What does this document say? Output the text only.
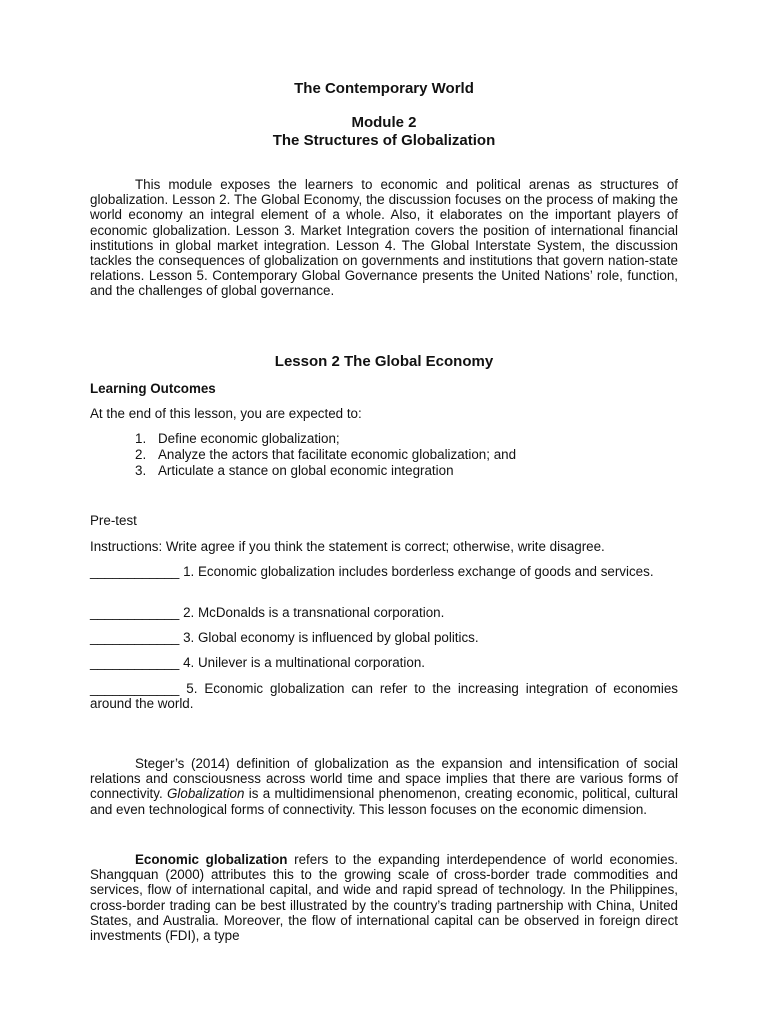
The Contemporary World
Module 2
The Structures of Globalization
This module exposes the learners to economic and political arenas as structures of globalization. Lesson 2. The Global Economy, the discussion focuses on the process of making the world economy an integral element of a whole. Also, it elaborates on the important players of economic globalization. Lesson 3. Market Integration covers the position of international financial institutions in global market integration. Lesson 4. The Global Interstate System, the discussion tackles the consequences of globalization on governments and institutions that govern nation-state relations. Lesson 5. Contemporary Global Governance presents the United Nations’ role, function, and the challenges of global governance.
Lesson 2 The Global Economy
Learning Outcomes
At the end of this lesson, you are expected to:
1. Define economic globalization;
2. Analyze the actors that facilitate economic globalization; and
3. Articulate a stance on global economic integration
Pre-test
Instructions: Write agree if you think the statement is correct; otherwise, write disagree.
____________ 1. Economic globalization includes borderless exchange of goods and services.
____________ 2. McDonalds is a transnational corporation.
____________ 3. Global economy is influenced by global politics.
____________ 4. Unilever is a multinational corporation.
____________ 5. Economic globalization can refer to the increasing integration of economies around the world.
Steger’s (2014) definition of globalization as the expansion and intensification of social relations and consciousness across world time and space implies that there are various forms of connectivity. Globalization is a multidimensional phenomenon, creating economic, political, cultural and even technological forms of connectivity. This lesson focuses on the economic dimension.
Economic globalization refers to the expanding interdependence of world economies. Shangquan (2000) attributes this to the growing scale of cross-border trade commodities and services, flow of international capital, and wide and rapid spread of technology. In the Philippines, cross-border trading can be best illustrated by the country’s trading partnership with China, United States, and Australia. Moreover, the flow of international capital can be observed in foreign direct investments (FDI), a type
